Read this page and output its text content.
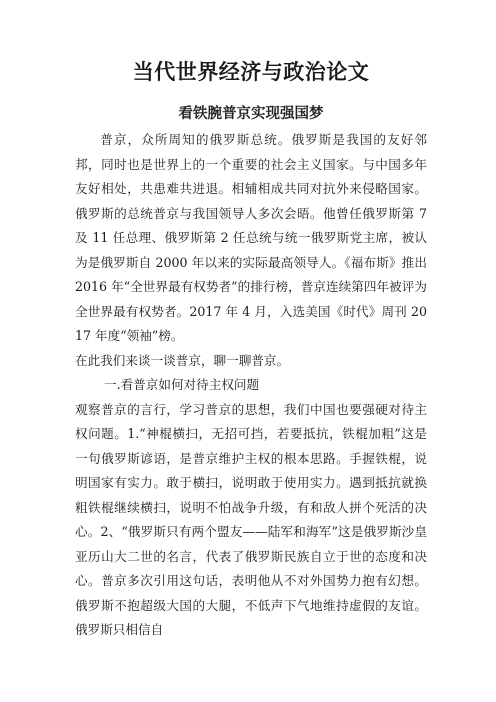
当代世界经济与政治论文
看铁腕普京实现强国梦

普京，众所周知的俄罗斯总统。俄罗斯是我国的友好邻邦，同时也是世界上的一个重要的社会主义国家。与中国多年友好相处，共患难共进退。相辅相成共同对抗外来侵略国家。俄罗斯的总统普京与我国领导人多次会晤。他曾任俄罗斯第 7 及 11 任总理、俄罗斯第 2 任总统与统一俄罗斯党主席，被认为是俄罗斯自 2000 年以来的实际最高领导人。《福布斯》推出 2016 年“全世界最有权势者”的排行榜，普京连续第四年被评为全世界最有权势者。2017 年 4 月，入选美国《时代》周刊 2017 年度“领袖”榜。

在此我们来谈一谈普京，聊一聊普京。

一.看普京如何对待主权问题

观察普京的言行，学习普京的思想，我们中国也要强硬对待主权问题。1.“神棍横扫，无招可挡，若要抵抗，铁棍加粗”这是一句俄罗斯谚语，是普京维护主权的根本思路。手握铁棍，说明国家有实力。敢于横扫，说明敢于使用实力。遇到抵抗就换粗铁棍继续横扫，说明不怕战争升级，有和敌人拼个死活的决心。2、“俄罗斯只有两个盟友——陆军和海军”这是俄罗斯沙皇亚历山大二世的名言，代表了俄罗斯民族自立于世的态度和决心。普京多次引用这句话，表明他从不对外国势力抱有幻想。俄罗斯不抱超级大国的大腿，不低声下气地维持虚假的友谊。俄罗斯只相信自
